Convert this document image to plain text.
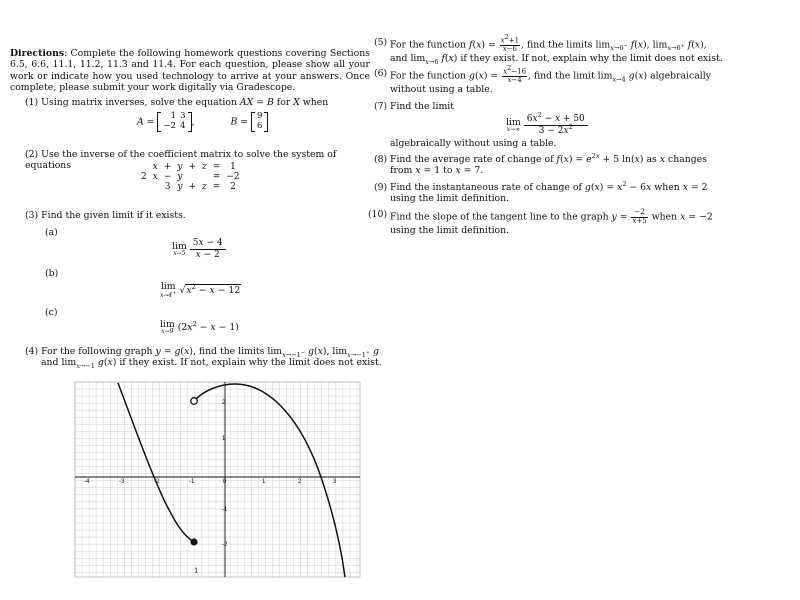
Directions: Complete the following homework questions covering Sections 6.5, 6.6, 11.1, 11.2, 11.3 and 11.4. For each question, please show all your work or indicate how you used technology to arrive at your answers. Once complete, please submit your work digitally via Gradescope.

(1) Using matrix inverses, solve the equation AX = B for X when
A =
1	3
−2	4 ,	B =
9
6
(2) Use the inverse of the coefficient matrix to solve the system of equations
		x	+	y	+	z	=	1
2	x	−	y			=	−2
		3	y	+	z	=	2
(3) Find the given limit if it exists.
(a)
lim
$x\to 5 \frac{5x - 4}{x - 2}$
(b)
lim
x→4+ $√x^2 - x - 12$
(c)
lim
x→9 $(2x^2 - x - 1)$
(4) For the following graph y = g(x), find the limits $\lim_{x\to-1^-} g(x)$, $\lim_{x\to-1^+} g$
and $\lim_{x\to-1} g(x)$ if they exist. If not, explain why the limit does not exist.
-4	-3	-2	-1	0	1	2	3
2
1
-1
-2
1
(5) For the function $f(x) = \frac{x2+1}{x-6}$ , find the limits $\lim_{x\to 6^-} f(x)$, $\lim_{x\to 6^+} f(x)$, and $\lim_{x\to 6} f(x)$ if they exist. If not, explain why the limit does not exist.
(6) For the function $g(x) = \frac{x2-16}{x-4}$ , find the limit $\lim_{x\to 4} g(x)$ algebraically without using a table.
(7) Find the limit
lim
$x\to\infty \frac{6x^2 - x + 50}{3 - 2x^2}$
algebraically without using a table.
(8) Find the average rate of change of $f(x) = e^{2x} + 5$ ln(x) as x changes from x = 1 to x = 7.
(9) Find the instantaneous rate of change of $g(x) = x^2 - 6x$ when x = 2 using the limit definition.
(10) Find the slope of the tangent line to the graph $y = \frac{-2}{x+5}$ when x = −2 using the limit definition.
